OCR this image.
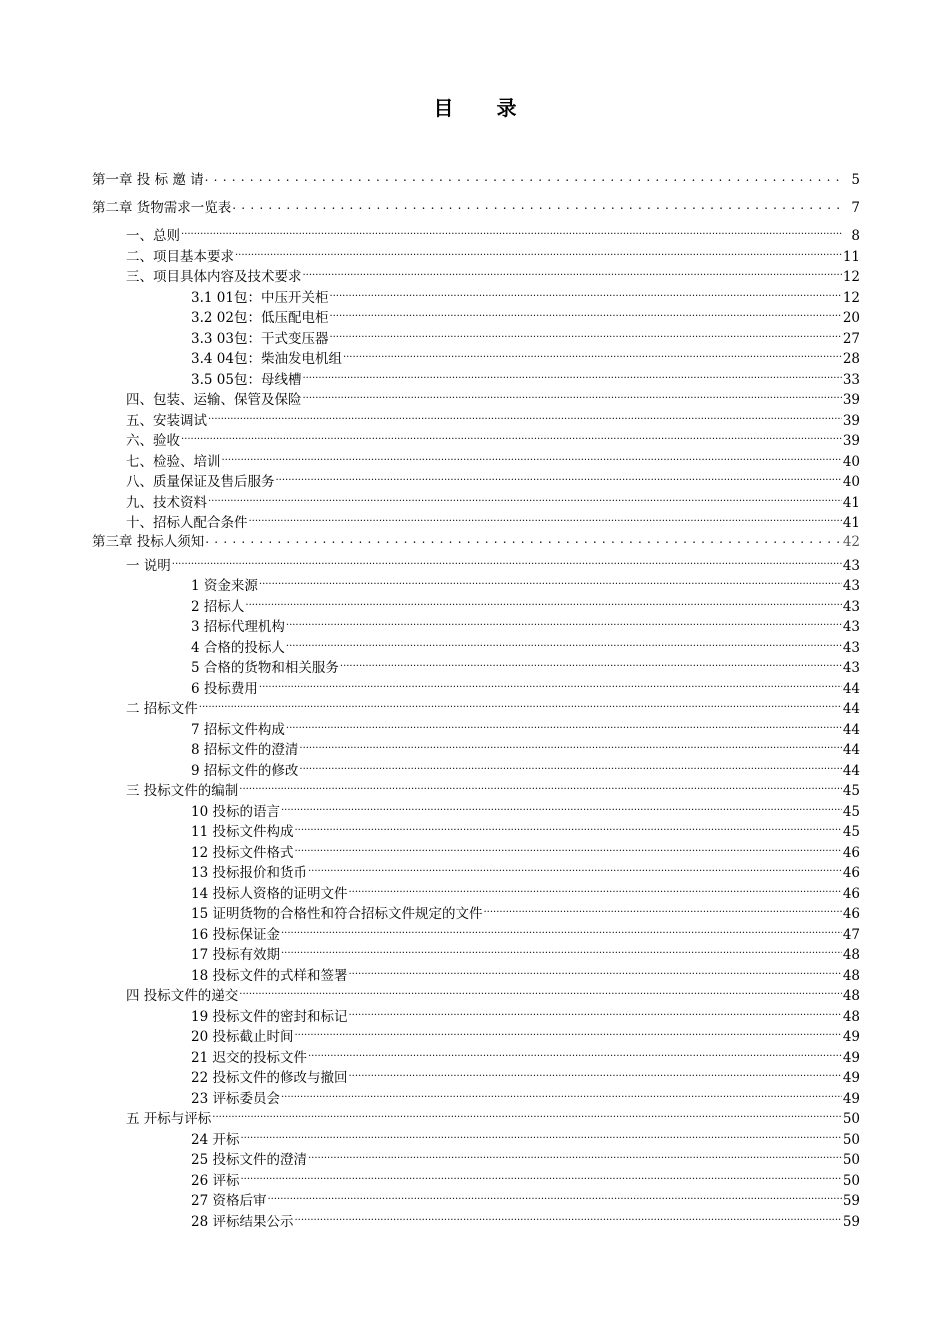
目 录
第一章 投 标 邀 请 .....	5
第二章 货物需求一览表 .....	7
一、总则 .....	8
二、项目基本要求 .....	11
三、项目具体内容及技术要求 .....	12
3.1 01包：中压开关柜 .....	12
3.2 02包：低压配电柜 .....	20
3.3 03包：干式变压器 .....	27
3.4 04包：柴油发电机组 .....	28
3.5 05包：母线槽 .....	33
四、包装、运输、保管及保险 .....	39
五、安装调试 .....	39
六、验收 .....	39
七、检验、培训 .....	40
八、质量保证及售后服务 .....	40
九、技术资料 .....	41
十、招标人配合条件 .....	41
第三章 投标人须知 .....	42
一 说明 .....	43
1 资金来源 .....	43
2 招标人 .....	43
3 招标代理机构 .....	43
4 合格的投标人 .....	43
5 合格的货物和相关服务 .....	43
6 投标费用 .....	44
二 招标文件 .....	44
7 招标文件构成 .....	44
8 招标文件的澄清 .....	44
9 招标文件的修改 .....	44
三 投标文件的编制 .....	45
10 投标的语言 .....	45
11 投标文件构成 .....	45
12 投标文件格式 .....	46
13 投标报价和货币 .....	46
14 投标人资格的证明文件 .....	46
15 证明货物的合格性和符合招标文件规定的文件 .....	46
16 投标保证金 .....	47
17 投标有效期 .....	48
18 投标文件的式样和签署 .....	48
四 投标文件的递交 .....	48
19 投标文件的密封和标记 .....	48
20 投标截止时间 .....	49
21 迟交的投标文件 .....	49
22 投标文件的修改与撤回 .....	49
23 评标委员会 .....	49
五 开标与评标 .....	50
24 开标 .....	50
25 投标文件的澄清 .....	50
26 评标 .....	50
27 资格后审 .....	59
28 评标结果公示 .....	59
